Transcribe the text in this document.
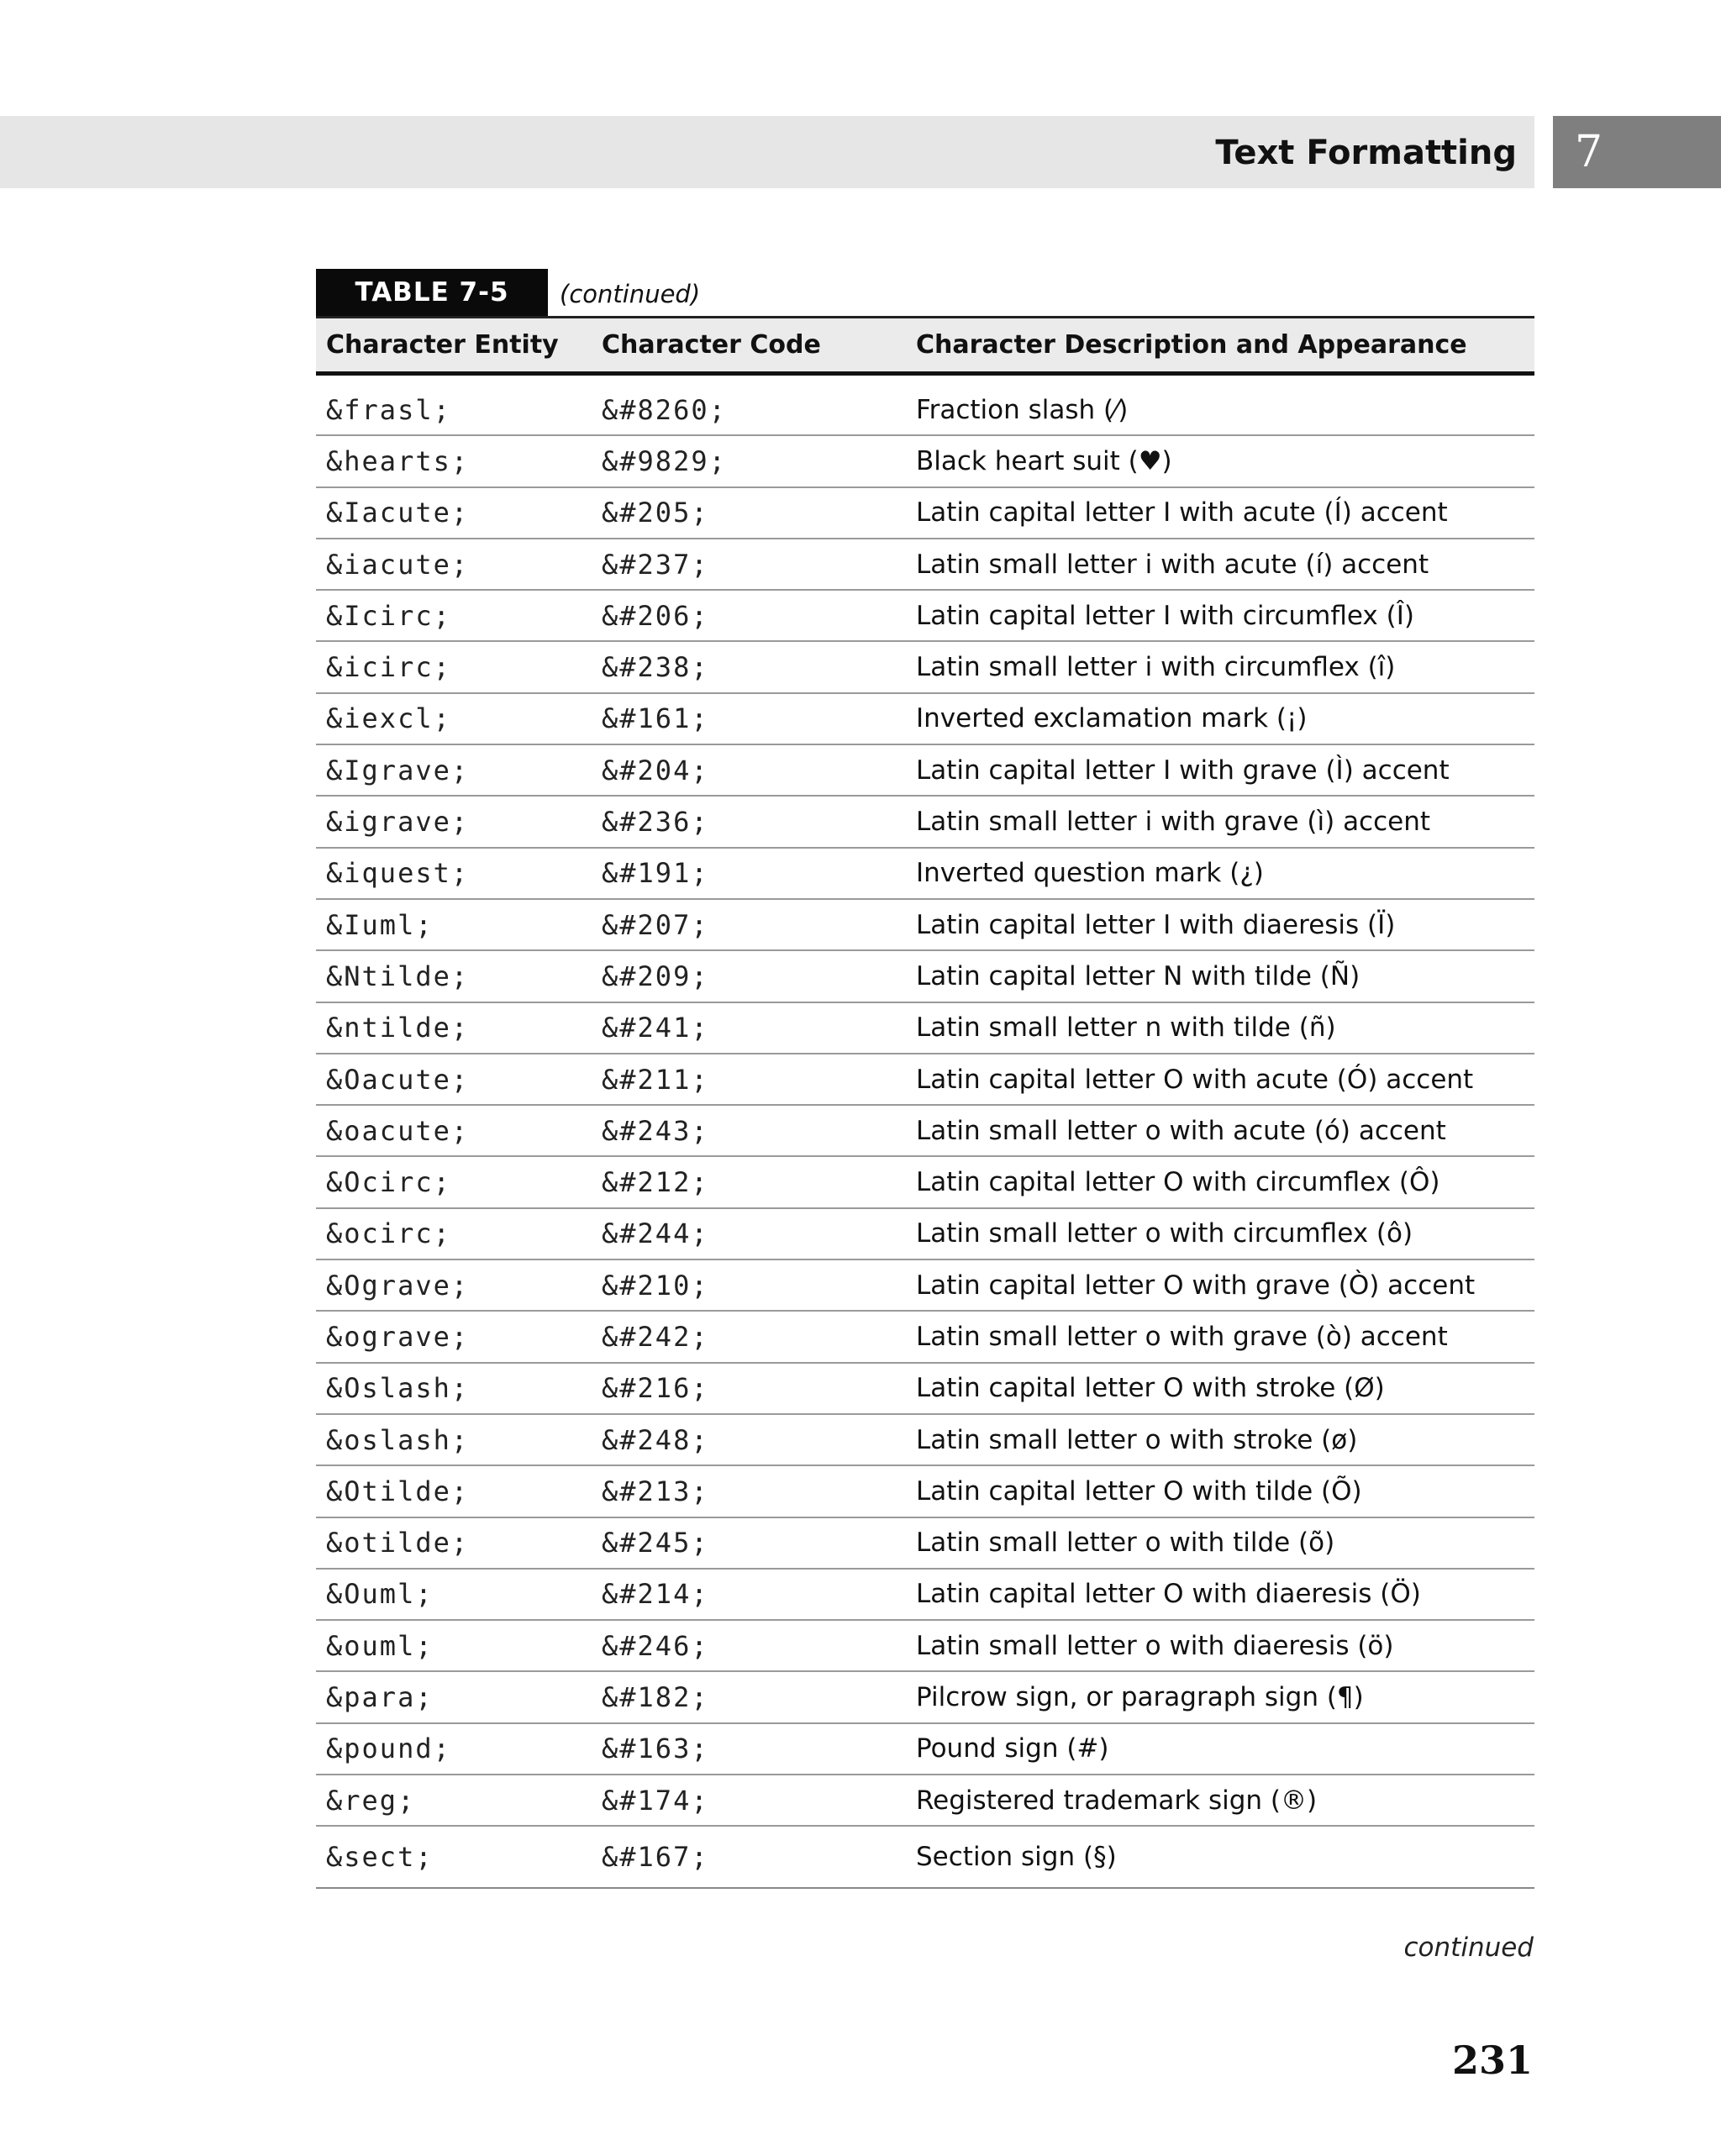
Text Formatting 7
TABLE 7-5	(continued)
Character Entity	Character Code	Character Description and Appearance
&frasl;	&#8260;	Fraction slash (⁄)
&hearts;	&#9829;	Black heart suit (♥)
&Iacute;	&#205;	Latin capital letter I with acute (Í) accent
&iacute;	&#237;	Latin small letter i with acute (í) accent
&Icirc;	&#206;	Latin capital letter I with circumflex (Î)
&icirc;	&#238;	Latin small letter i with circumflex (î)
&iexcl;	&#161;	Inverted exclamation mark (¡)
&Igrave;	&#204;	Latin capital letter I with grave (Ì) accent
&igrave;	&#236;	Latin small letter i with grave (ì) accent
&iquest;	&#191;	Inverted question mark (¿)
&Iuml;	&#207;	Latin capital letter I with diaeresis (Ï)
&Ntilde;	&#209;	Latin capital letter N with tilde (Ñ)
&ntilde;	&#241;	Latin small letter n with tilde (ñ)
&Oacute;	&#211;	Latin capital letter O with acute (Ó) accent
&oacute;	&#243;	Latin small letter o with acute (ó) accent
&Ocirc;	&#212;	Latin capital letter O with circumflex (Ô)
&ocirc;	&#244;	Latin small letter o with circumflex (ô)
&Ograve;	&#210;	Latin capital letter O with grave (Ò) accent
&ograve;	&#242;	Latin small letter o with grave (ò) accent
&Oslash;	&#216;	Latin capital letter O with stroke (Ø)
&oslash;	&#248;	Latin small letter o with stroke (ø)
&Otilde;	&#213;	Latin capital letter O with tilde (Õ)
&otilde;	&#245;	Latin small letter o with tilde (õ)
&Ouml;	&#214;	Latin capital letter O with diaeresis (Ö)
&ouml;	&#246;	Latin small letter o with diaeresis (ö)
&para;	&#182;	Pilcrow sign, or paragraph sign (¶)
&pound;	&#163;	Pound sign (#)
&reg;	&#174;	Registered trademark sign (®)
&sect;	&#167;	Section sign (§)
continued
231
